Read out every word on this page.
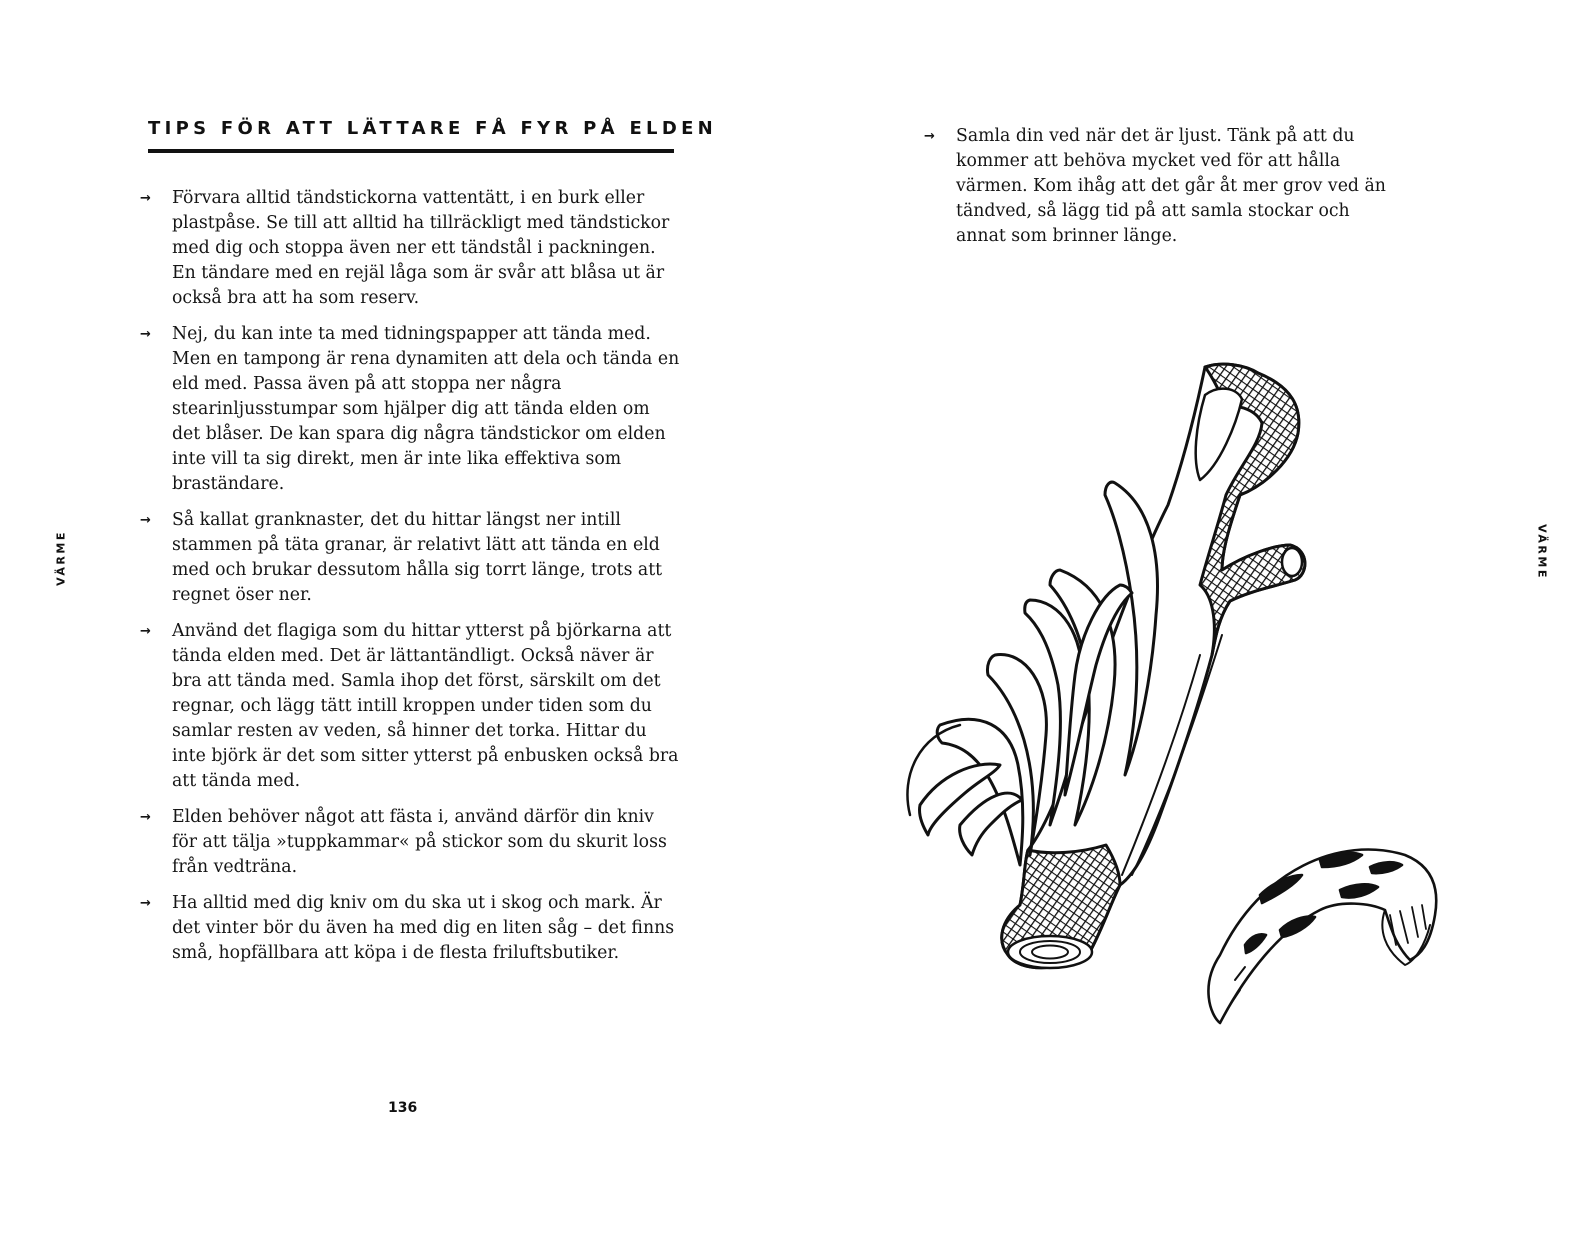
TIPS FÖR ATT LÄTTARE FÅ FYR PÅ ELDEN
→ Förvara alltid tändstickorna vattentätt, i en burk eller plastpåse. Se till att alltid ha tillräckligt med tändstickor med dig och stoppa även ner ett tändstål i packningen. En tändare med en rejäl låga som är svår att blåsa ut är också bra att ha som reserv.
→ Nej, du kan inte ta med tidningspapper att tända med. Men en tampong är rena dynamiten att dela och tända en eld med. Passa även på att stoppa ner några stearinljusstumpar som hjälper dig att tända elden om det blåser. De kan spara dig några tändstickor om elden inte vill ta sig direkt, men är inte lika effektiva som braständare.
→ Så kallat granknaster, det du hittar längst ner intill stammen på täta granar, är relativt lätt att tända en eld med och brukar dessutom hålla sig torrt länge, trots att regnet öser ner.
→ Använd det flagiga som du hittar ytterst på björkarna att tända elden med. Det är lättantändligt. Också näver är bra att tända med. Samla ihop det först, särskilt om det regnar, och lägg tätt intill kroppen under tiden som du samlar resten av veden, så hinner det torka. Hittar du inte björk är det som sitter ytterst på enbusken också bra att tända med.
→ Elden behöver något att fästa i, använd därför din kniv för att tälja »tuppkammar« på stickor som du skurit loss från vedträna.
→ Ha alltid med dig kniv om du ska ut i skog och mark. Är det vinter bör du även ha med dig en liten såg – det finns små, hopfällbara att köpa i de flesta friluftsbutiker.
VÄRME
136
→ Samla din ved när det är ljust. Tänk på att du kommer att behöva mycket ved för att hålla värmen. Kom ihåg att det går åt mer grov ved än tändved, så lägg tid på att samla stockar och annat som brinner länge.
VÄRME
